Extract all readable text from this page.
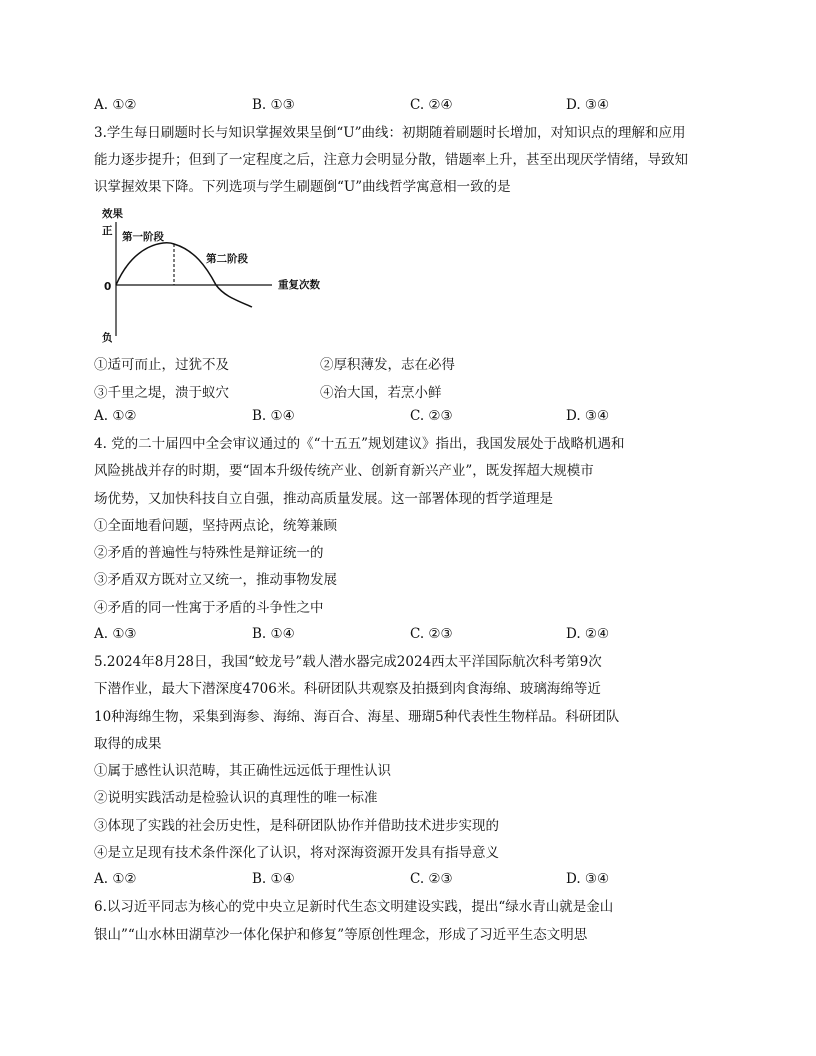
A. ①②	B. ①③	C. ②④	D. ③④
3.学生每日刷题时长与知识掌握效果呈倒“U”曲线：初期随着刷题时长增加，对知识点的理解和应用
能力逐步提升；但到了一定程度之后，注意力会明显分散，错题率上升，甚至出现厌学情绪，导致知
识掌握效果下降。下列选项与学生刷题倒“U”曲线哲学寓意相一致的是
效果
正
0
负
重复次数
第一阶段
第二阶段
①适可而止，过犹不及	②厚积薄发，志在必得
③千里之堤，溃于蚁穴	④治大国，若烹小鲜
A. ①②	B. ①④	C. ②③	D. ③④
4. 党的二十届四中全会审议通过的《“十五五”规划建议》指出，我国发展处于战略机遇和
风险挑战并存的时期，要“固本升级传统产业、创新育新兴产业”，既发挥超大规模市
场优势，又加快科技自立自强，推动高质量发展。这一部署体现的哲学道理是
①全面地看问题，坚持两点论，统筹兼顾
②矛盾的普遍性与特殊性是辩证统一的
③矛盾双方既对立又统一，推动事物发展
④矛盾的同一性寓于矛盾的斗争性之中
A. ①③	B. ①④	C. ②③	D. ②④
5.2024年8月28日，我国“蛟龙号”载人潜水器完成2024西太平洋国际航次科考第9次
下潜作业，最大下潜深度4706米。科研团队共观察及拍摄到肉食海绵、玻璃海绵等近
10种海绵生物，采集到海参、海绵、海百合、海星、珊瑚5种代表性生物样品。科研团队
取得的成果
①属于感性认识范畴，其正确性远远低于理性认识
②说明实践活动是检验认识的真理性的唯一标准
③体现了实践的社会历史性，是科研团队协作并借助技术进步实现的
④是立足现有技术条件深化了认识，将对深海资源开发具有指导意义
A. ①②	B. ①④	C. ②③	D. ③④
6.以习近平同志为核心的党中央立足新时代生态文明建设实践，提出“绿水青山就是金山
银山”“山水林田湖草沙一体化保护和修复”等原创性理念，形成了习近平生态文明思
